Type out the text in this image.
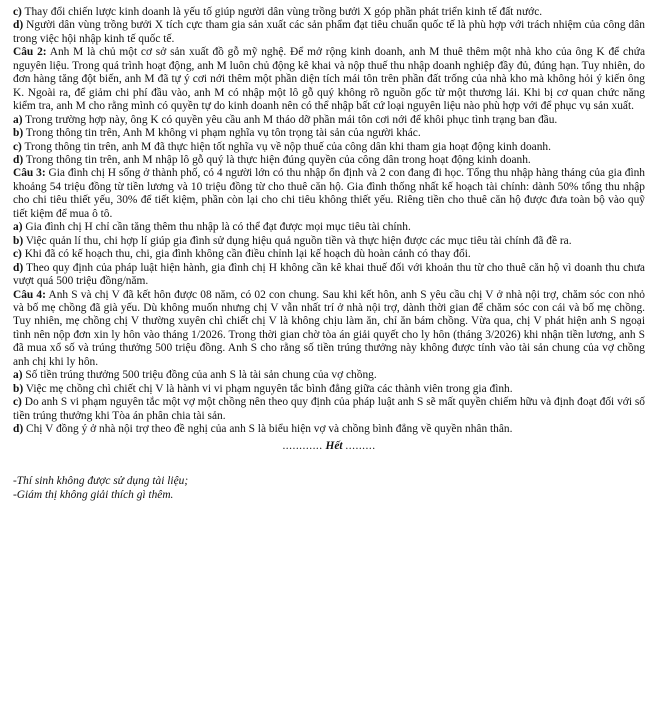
c) Thay đổi chiến lược kinh doanh là yếu tố giúp người dân vùng trồng bưởi X góp phần phát triển kinh tế đất nước.

d) Người dân vùng trồng bưởi X tích cực tham gia sản xuất các sản phẩm đạt tiêu chuẩn quốc tế là phù hợp với trách nhiệm của công dân trong việc hội nhập kinh tế quốc tế.

Câu 2: Anh M là chủ một cơ sở sản xuất đồ gỗ mỹ nghệ. Để mở rộng kinh doanh, anh M thuê thêm một nhà kho của ông K để chứa nguyên liệu. Trong quá trình hoạt động, anh M luôn chủ động kê khai và nộp thuế thu nhập doanh nghiệp đầy đủ, đúng hạn. Tuy nhiên, do đơn hàng tăng đột biến, anh M đã tự ý cơi nới thêm một phần diện tích mái tôn trên phần đất trống của nhà kho mà không hỏi ý kiến ông K. Ngoài ra, để giảm chi phí đầu vào, anh M có nhập một lô gỗ quý không rõ nguồn gốc từ một thương lái. Khi bị cơ quan chức năng kiểm tra, anh M cho rằng mình có quyền tự do kinh doanh nên có thể nhập bất cứ loại nguyên liệu nào phù hợp với để phục vụ sản xuất.

a) Trong trường hợp này, ông K có quyền yêu cầu anh M tháo dỡ phần mái tôn cơi nới để khôi phục tình trạng ban đầu.

b) Trong thông tin trên, Anh M không vi phạm nghĩa vụ tôn trọng tài sản của người khác.

c) Trong thông tin trên, anh M đã thực hiện tốt nghĩa vụ về nộp thuế của công dân khi tham gia hoạt động kinh doanh.

d) Trong thông tin trên, anh M nhập lô gỗ quý là thực hiện đúng quyền của công dân trong hoạt động kinh doanh.

Câu 3: Gia đình chị H sống ở thành phố, có 4 người lớn có thu nhập ổn định và 2 con đang đi học. Tổng thu nhập hàng tháng của gia đình khoảng 54 triệu đồng từ tiền lương và 10 triệu đồng từ cho thuê căn hộ. Gia đình thống nhất kế hoạch tài chính: dành 50% tổng thu nhập cho chi tiêu thiết yếu, 30% để tiết kiệm, phần còn lại cho chi tiêu không thiết yếu. Riêng tiền cho thuê căn hộ được đưa toàn bộ vào quỹ tiết kiệm để mua ô tô.

a) Gia đình chị H chỉ cần tăng thêm thu nhập là có thể đạt được mọi mục tiêu tài chính.

b) Việc quản lí thu, chi hợp lí giúp gia đình sử dụng hiệu quả nguồn tiền và thực hiện được các mục tiêu tài chính đã đề ra.

c) Khi đã có kế hoạch thu, chi, gia đình không cần điều chỉnh lại kế hoạch dù hoàn cảnh có thay đổi.

d) Theo quy định của pháp luật hiện hành, gia đình chị H không cần kê khai thuế đối với khoản thu từ cho thuê căn hộ vì doanh thu chưa vượt quá 500 triệu đồng/năm.

Câu 4: Anh S và chị V đã kết hôn được 08 năm, có 02 con chung. Sau khi kết hôn, anh S yêu cầu chị V ở nhà nội trợ, chăm sóc con nhỏ và bố mẹ chồng đã già yếu. Dù không muốn nhưng chị V vẫn nhất trí ở nhà nội trợ, dành thời gian để chăm sóc con cái và bố mẹ chồng. Tuy nhiên, mẹ chồng chị V thường xuyên chì chiết chị V là không chịu làm ăn, chỉ ăn bám chồng. Vừa qua, chị V phát hiện anh S ngoại tình nên nộp đơn xin ly hôn vào tháng 1/2026. Trong thời gian chờ tòa án giải quyết cho ly hôn (tháng 3/2026) khi nhận tiền lương, anh S đã mua xổ số và trúng thưởng 500 triệu đồng. Anh S cho rằng số tiền trúng thưởng này không được tính vào tài sản chung của vợ chồng anh chị khi ly hôn.

a) Số tiền trúng thưởng 500 triệu đồng của anh S là tài sản chung của vợ chồng.

b) Việc mẹ chồng chì chiết chị V là hành vi vi phạm nguyên tắc bình đẳng giữa các thành viên trong gia đình.

c) Do anh S vi phạm nguyên tắc một vợ một chồng nên theo quy định của pháp luật anh S sẽ mất quyền chiếm hữu và định đoạt đối với số tiền trúng thưởng khi Tòa án phân chia tài sản.

d) Chị V đồng ý ở nhà nội trợ theo đề nghị của anh S là biểu hiện vợ và chồng bình đẳng về quyền nhân thân.

............ Hết .........

-Thí sinh không được sử dụng tài liệu;

-Giám thị không giải thích gì thêm.
